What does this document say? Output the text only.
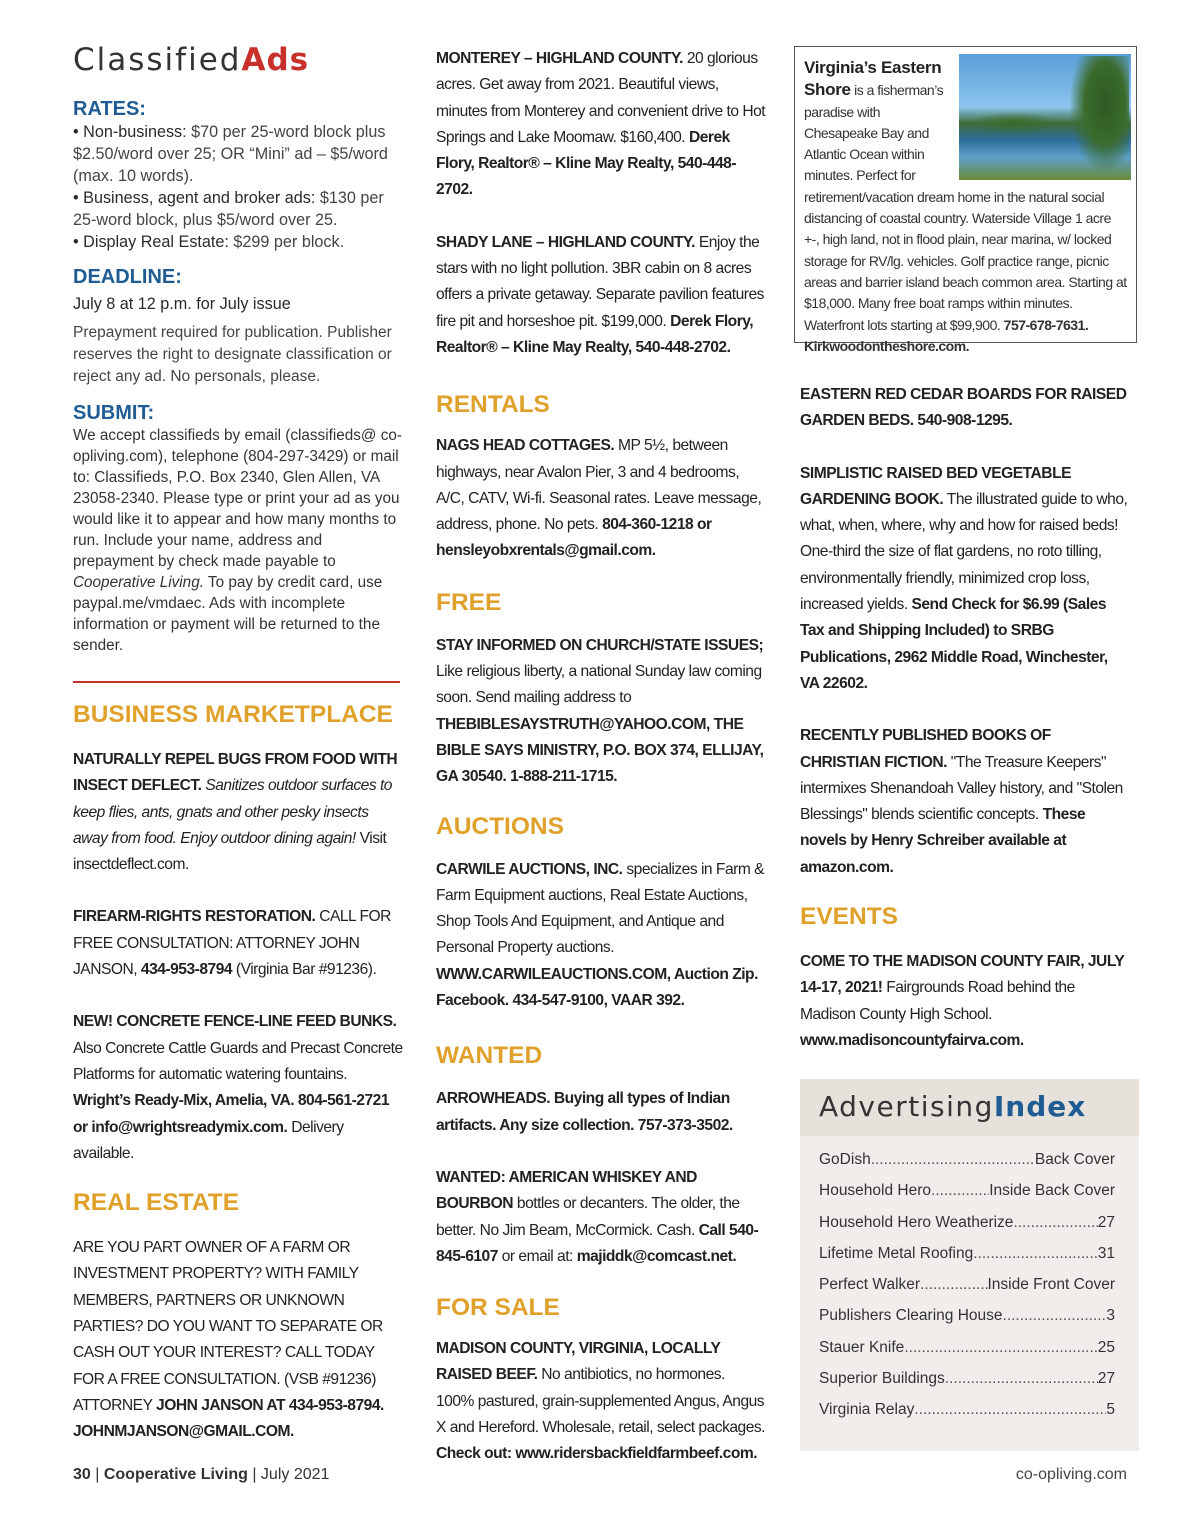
ClassifiedAds

RATES:

• Non-business: $70 per 25-word block plus $2.50/word over 25; OR “Mini” ad – $5/word (max. 10 words).

• Business, agent and broker ads: $130 per 25-word block, plus $5/word over 25.

• Display Real Estate: $299 per block.

DEADLINE:

July 8 at 12 p.m. for July issue

Prepayment required for publication. Publisher reserves the right to designate classification or reject any ad. No personals, please.

SUBMIT:

We accept classifieds by email (classifieds@ co-opliving.com), telephone (804-297-3429) or mail to: Classifieds, P.O. Box 2340, Glen Allen, VA 23058-2340. Please type or print your ad as you would like it to appear and how many months to run. Include your name, address and prepayment by check made payable to Cooperative Living. To pay by credit card, use paypal.me/vmdaec. Ads with incomplete information or payment will be returned to the sender.

BUSINESS MARKETPLACE

NATURALLY REPEL BUGS FROM FOOD WITH INSECT DEFLECT. Sanitizes outdoor surfaces to keep flies, ants, gnats and other pesky insects away from food. Enjoy outdoor dining again! Visit insectdeflect.com.

FIREARM-RIGHTS RESTORATION. CALL FOR FREE CONSULTATION: ATTORNEY JOHN JANSON, 434-953-8794 (Virginia Bar #91236).

NEW! CONCRETE FENCE-LINE FEED BUNKS. Also Concrete Cattle Guards and Precast Concrete Platforms for automatic watering fountains. Wright’s Ready-Mix, Amelia, VA. 804-561-2721 or info@wrightsreadymix.com. Delivery available.

REAL ESTATE

ARE YOU PART OWNER OF A FARM OR INVESTMENT PROPERTY? WITH FAMILY MEMBERS, PARTNERS OR UNKNOWN PARTIES? DO YOU WANT TO SEPARATE OR CASH OUT YOUR INTEREST? CALL TODAY FOR A FREE CONSULTATION. (VSB #91236) ATTORNEY JOHN JANSON AT 434-953-8794. JOHNMJANSON@GMAIL.COM.

MONTEREY – HIGHLAND COUNTY. 20 glorious acres. Get away from 2021. Beautiful views, minutes from Monterey and convenient drive to Hot Springs and Lake Moomaw. $160,400. Derek Flory, Realtor® – Kline May Realty, 540-448-2702.

SHADY LANE – HIGHLAND COUNTY. Enjoy the stars with no light pollution. 3BR cabin on 8 acres offers a private getaway. Separate pavilion features fire pit and horseshoe pit. $199,000. Derek Flory, Realtor® – Kline May Realty, 540-448-2702.

RENTALS

NAGS HEAD COTTAGES. MP 5½, between highways, near Avalon Pier, 3 and 4 bedrooms, A/C, CATV, Wi-fi. Seasonal rates. Leave message, address, phone. No pets. 804-360-1218 or hensleyobxrentals@gmail.com.

FREE

STAY INFORMED ON CHURCH/STATE ISSUES; Like religious liberty, a national Sunday law coming soon. Send mailing address to THEBIBLESAYSTRUTH@YAHOO.COM, THE BIBLE SAYS MINISTRY, P.O. BOX 374, ELLIJAY, GA 30540. 1-888-211-1715.

AUCTIONS

CARWILE AUCTIONS, INC. specializes in Farm & Farm Equipment auctions, Real Estate Auctions, Shop Tools And Equipment, and Antique and Personal Property auctions. WWW.CARWILEAUCTIONS.COM, Auction Zip. Facebook. 434-547-9100, VAAR 392.

WANTED

ARROWHEADS. Buying all types of Indian artifacts. Any size collection. 757-373-3502.

WANTED: AMERICAN WHISKEY AND BOURBON bottles or decanters. The older, the better. No Jim Beam, McCormick. Cash. Call 540-845-6107 or email at: majiddk@comcast.net.

FOR SALE

MADISON COUNTY, VIRGINIA, LOCALLY RAISED BEEF. No antibiotics, no hormones. 100% pastured, grain-supplemented Angus, Angus X and Hereford. Wholesale, retail, select packages. Check out: www.ridersbackfieldfarmbeef.com.

Virginia’s Eastern Shore is a fisherman’s paradise with Chesapeake Bay and Atlantic Ocean within minutes. Perfect for retirement/vacation dream home in the natural social distancing of coastal country. Waterside Village 1 acre +-, high land, not in flood plain, near marina, w/ locked storage for RV/lg. vehicles. Golf practice range, picnic areas and barrier island beach common area. Starting at $18,000. Many free boat ramps within minutes. Waterfront lots starting at $99,900. 757-678-7631. Kirkwoodontheshore.com.

EASTERN RED CEDAR BOARDS FOR RAISED GARDEN BEDS. 540-908-1295.

SIMPLISTIC RAISED BED VEGETABLE GARDENING BOOK. The illustrated guide to who, what, when, where, why and how for raised beds! One-third the size of flat gardens, no roto tilling, environmentally friendly, minimized crop loss, increased yields. Send Check for $6.99 (Sales Tax and Shipping Included) to SRBG Publications, 2962 Middle Road, Winchester, VA 22602.

RECENTLY PUBLISHED BOOKS OF CHRISTIAN FICTION. "The Treasure Keepers" intermixes Shenandoah Valley history, and "Stolen Blessings" blends scientific concepts. These novels by Henry Schreiber available at amazon.com.

EVENTS

COME TO THE MADISON COUNTY FAIR, JULY 14-17, 2021! Fairgrounds Road behind the Madison County High School. www.madisoncountyfairva.com.

AdvertisingIndex
GoDish .....	Back Cover
Household Hero .....	Inside Back Cover
Household Hero Weatherize .....	27
Lifetime Metal Roofing .....	31
Perfect Walker .....	Inside Front Cover
Publishers Clearing House .....	3
Stauer Knife .....	25
Superior Buildings .....	27
Virginia Relay .....	5
30 | Cooperative Living | July 2021	co-opliving.com
